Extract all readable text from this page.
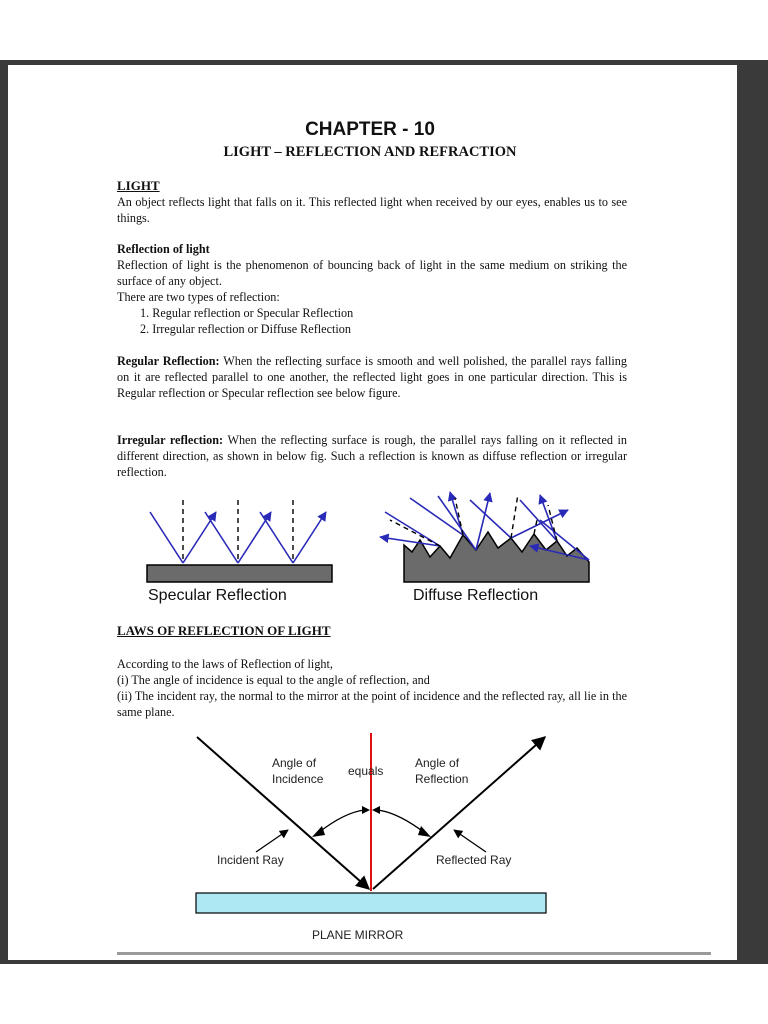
CHAPTER - 10
LIGHT – REFLECTION AND REFRACTION
LIGHT
An object reflects light that falls on it. This reflected light when received by our eyes, enables us to see things.
Reflection of light
Reflection of light is the phenomenon of bouncing back of light in the same medium on striking the surface of any object.
There are two types of reflection:
1. Regular reflection or Specular Reflection
2. Irregular reflection or Diffuse Reflection
Regular Reflection: When the reflecting surface is smooth and well polished, the parallel rays falling on it are reflected parallel to one another, the reflected light goes in one particular direction. This is Regular reflection or Specular reflection see below figure.
Irregular reflection: When the reflecting surface is rough, the parallel rays falling on it reflected in different direction, as shown in below fig. Such a reflection is known as diffuse reflection or irregular reflection.
Specular Reflection	Diffuse Reflection
LAWS OF REFLECTION OF LIGHT
According to the laws of Reflection of light,
(i) The angle of incidence is equal to the angle of reflection, and
(ii) The incident ray, the normal to the mirror at the point of incidence and the reflected ray, all lie in the same plane.
Angle of Incidence
equals
Angle of Reflection
Incident Ray	Reflected Ray
PLANE MIRROR
